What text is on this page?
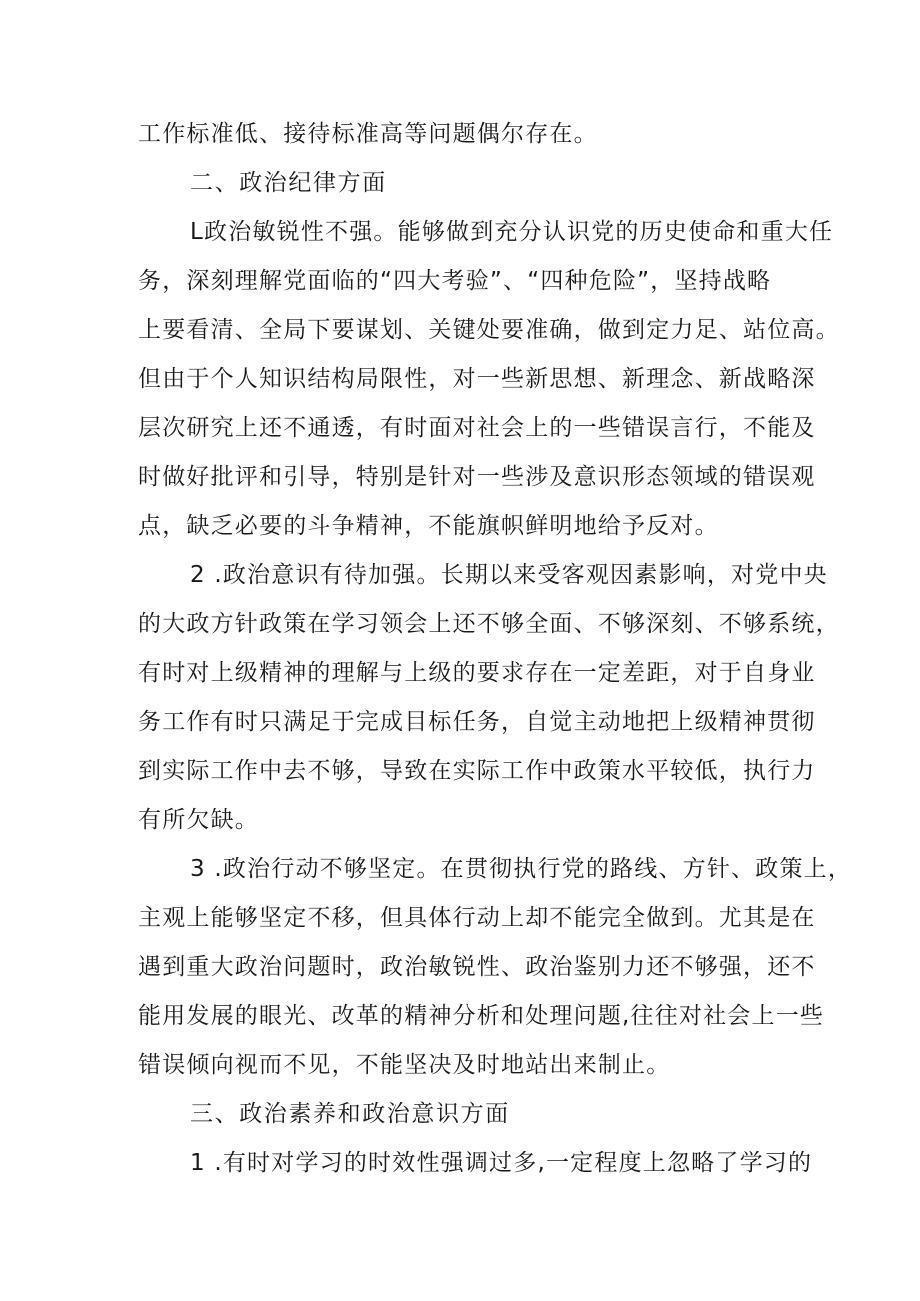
工作标准低、接待标准高等问题偶尔存在。
二、政治纪律方面
L政治敏锐性不强。能够做到充分认识党的历史使命和重大任
务，深刻理解党面临的“四大考验”、“四种危险”，坚持战略
上要看清、全局下要谋划、关键处要准确，做到定力足、站位高。
但由于个人知识结构局限性，对一些新思想、新理念、新战略深
层次研究上还不通透，有时面对社会上的一些错误言行，不能及
时做好批评和引导，特别是针对一些涉及意识形态领域的错误观
点，缺乏必要的斗争精神，不能旗帜鲜明地给予反对。
2 .政治意识有待加强。长期以来受客观因素影响，对党中央
的大政方针政策在学习领会上还不够全面、不够深刻、不够系统，
有时对上级精神的理解与上级的要求存在一定差距，对于自身业
务工作有时只满足于完成目标任务，自觉主动地把上级精神贯彻
到实际工作中去不够，导致在实际工作中政策水平较低，执行力
有所欠缺。
3 .政治行动不够坚定。在贯彻执行党的路线、方针、政策上，
主观上能够坚定不移，但具体行动上却不能完全做到。尤其是在
遇到重大政治问题时，政治敏锐性、政治鉴别力还不够强，还不
能用发展的眼光、改革的精神分析和处理问题,往往对社会上一些
错误倾向视而不见，不能坚决及时地站出来制止。
三、政治素养和政治意识方面
1 .有时对学习的时效性强调过多,一定程度上忽略了学习的
